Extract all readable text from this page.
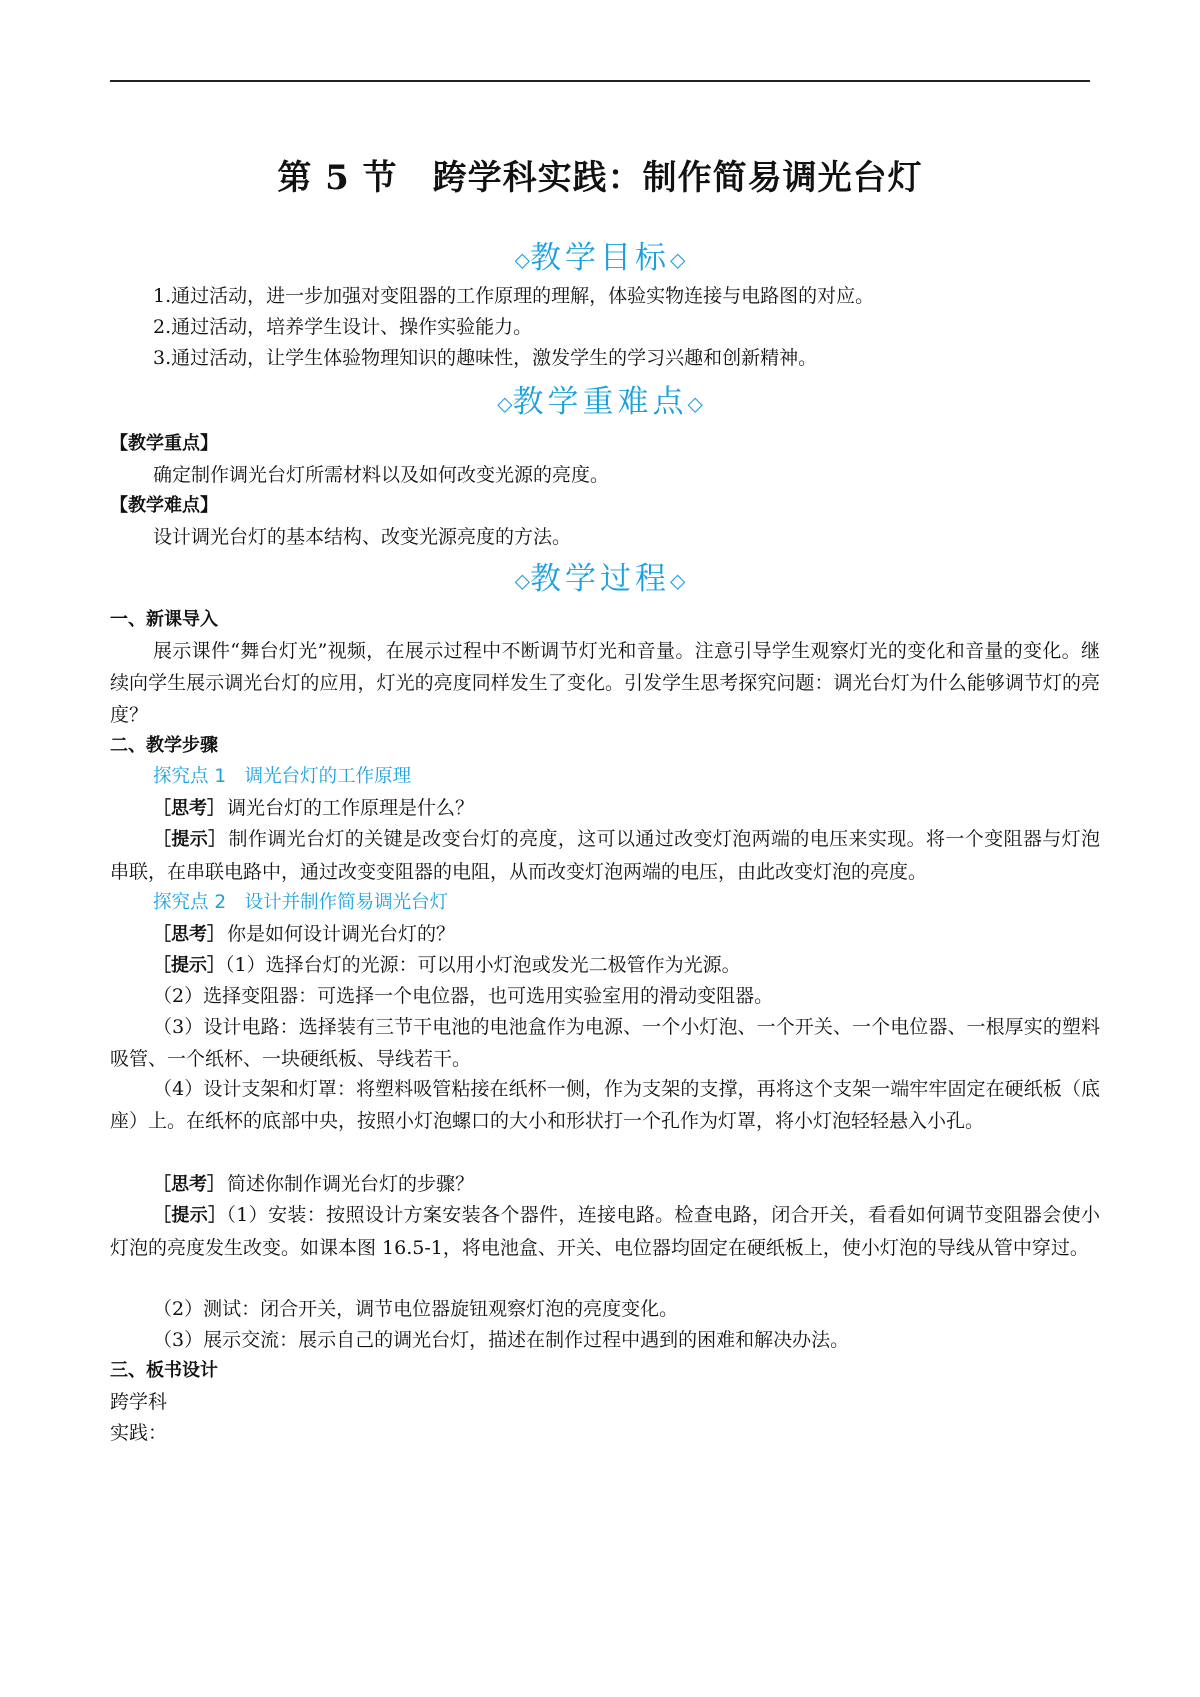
第 5 节　跨学科实践：制作简易调光台灯
◇教学目标◇
1.通过活动，进一步加强对变阻器的工作原理的理解，体验实物连接与电路图的对应。
2.通过活动，培养学生设计、操作实验能力。
3.通过活动，让学生体验物理知识的趣味性，激发学生的学习兴趣和创新精神。
◇教学重难点◇
【教学重点】
确定制作调光台灯所需材料以及如何改变光源的亮度。
【教学难点】
设计调光台灯的基本结构、改变光源亮度的方法。
◇教学过程◇
一、新课导入
展示课件“舞台灯光”视频，在展示过程中不断调节灯光和音量。注意引导学生观察灯光的变化和音量的变化。继续向学生展示调光台灯的应用，灯光的亮度同样发生了变化。引发学生思考探究问题：调光台灯为什么能够调节灯的亮度？
二、教学步骤
探究点 1　调光台灯的工作原理
［思考］ 调光台灯的工作原理是什么？
［提示］ 制作调光台灯的关键是改变台灯的亮度，这可以通过改变灯泡两端的电压来实现。将一个变阻器与灯泡串联，在串联电路中，通过改变变阻器的电阻，从而改变灯泡两端的电压，由此改变灯泡的亮度。
探究点 2　设计并制作简易调光台灯
［思考］ 你是如何设计调光台灯的？
［提示］（1）选择台灯的光源：可以用小灯泡或发光二极管作为光源。
（2）选择变阻器：可选择一个电位器，也可选用实验室用的滑动变阻器。
（3）设计电路：选择装有三节干电池的电池盒作为电源、一个小灯泡、一个开关、一个电位器、一根厚实的塑料吸管、一个纸杯、一块硬纸板、导线若干。
（4）设计支架和灯罩：将塑料吸管粘接在纸杯一侧，作为支架的支撑，再将这个支架一端牢牢固定在硬纸板（底座）上。在纸杯的底部中央，按照小灯泡螺口的大小和形状打一个孔作为灯罩，将小灯泡轻轻悬入小孔。
［思考］ 简述你制作调光台灯的步骤？
［提示］（1）安装：按照设计方案安装各个器件，连接电路。检查电路，闭合开关，看看如何调节变阻器会使小灯泡的亮度发生改变。如课本图 16.5-1，将电池盒、开关、电位器均固定在硬纸板上，使小灯泡的导线从管中穿过。
（2）测试：闭合开关，调节电位器旋钮观察灯泡的亮度变化。
（3）展示交流：展示自己的调光台灯，描述在制作过程中遇到的困难和解决办法。
三、板书设计
跨学科
实践：
